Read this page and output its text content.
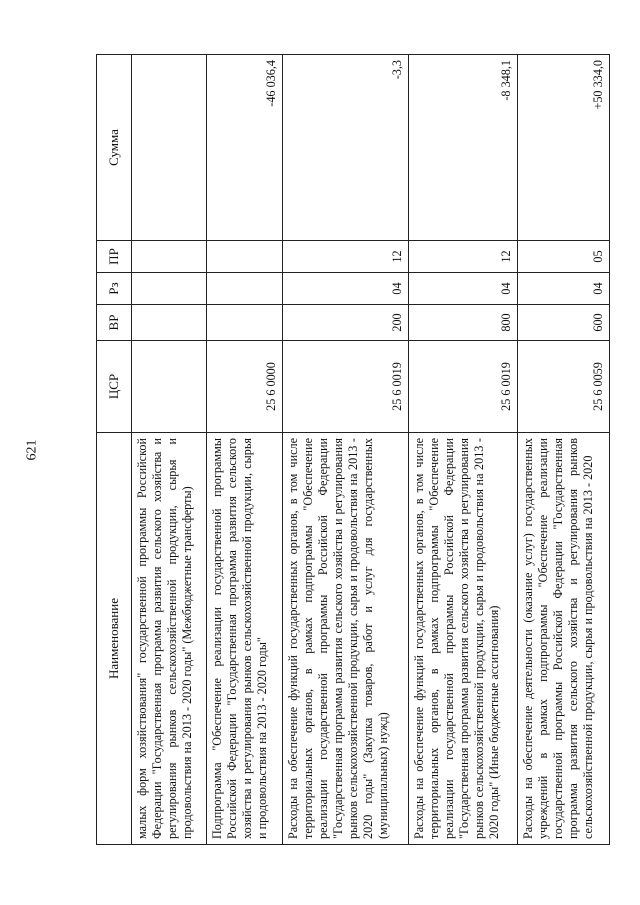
621
Наименование	ЦСР	ВР	Рз	ПР	Сумма
малых форм хозяйствования" государственной программы Российской Федерации "Государственная программа развития сельского хозяйства и регулирования рынков сельскохозяйственной продукции, сырья и продовольствия на 2013 - 2020 годы" (Межбюджетные трансферты)					
Подпрограмма "Обеспечение реализации государственной программы Российской Федерации "Государственная программа развития сельского хозяйства и регулирования рынков сельскохозяйственной продукции, сырья и продовольствия на 2013 - 2020 годы"	25 6 0000				-46 036,4
Расходы на обеспечение функций государственных органов, в том числе территориальных органов, в рамках подпрограммы "Обеспечение реализации государственной программы Российской Федерации "Государственная программа развития сельского хозяйства и регулирования рынков сельскохозяйственной продукции, сырья и продовольствия на 2013 - 2020 годы" (Закупка товаров, работ и услуг для государственных (муниципальных) нужд)	25 6 0019	200	04	12	-3,3
Расходы на обеспечение функций государственных органов, в том числе территориальных органов, в рамках подпрограммы "Обеспечение реализации государственной программы Российской Федерации "Государственная программа развития сельского хозяйства и регулирования рынков сельскохозяйственной продукции, сырья и продовольствия на 2013 - 2020 годы" (Иные бюджетные ассигнования)	25 6 0019	800	04	12	-8 348,1
Расходы на обеспечение деятельности (оказание услуг) государственных учреждений в рамках подпрограммы "Обеспечение реализации государственной программы Российской Федерации "Государственная программа развития сельского хозяйства и регулирования рынков сельскохозяйственной продукции, сырья и продовольствия на 2013 - 2020	25 6 0059	600	04	05	+50 334,0
